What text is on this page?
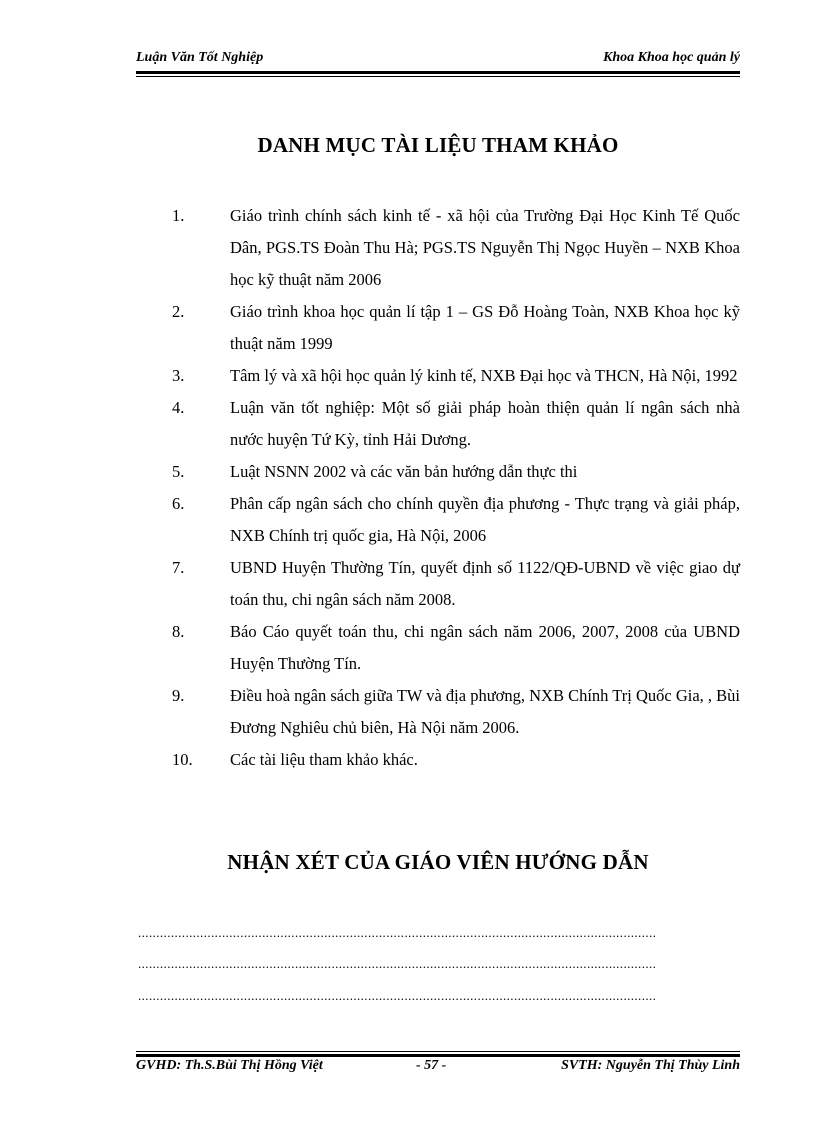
Luận Văn Tốt Nghiệp	Khoa Khoa học quản lý
DANH MỤC TÀI LIỆU THAM KHẢO
1.	Giáo trình chính sách kinh tế - xã hội của Trường Đại Học Kinh Tế Quốc Dân, PGS.TS Đoàn Thu Hà; PGS.TS Nguyễn Thị Ngọc Huyền – NXB Khoa học kỹ thuật năm 2006
2.	Giáo trình khoa học quản lí tập 1 – GS Đỗ Hoàng Toàn, NXB Khoa học kỹ thuật năm 1999
3.	Tâm lý và xã hội học quản lý kinh tế, NXB Đại học và THCN, Hà Nội, 1992
4.	Luận văn tốt nghiệp: Một số giải pháp hoàn thiện quản lí ngân sách nhà nước huyện Tứ Kỳ, tỉnh Hải Dương.
5.	Luật NSNN 2002 và các văn bản hướng dẫn thực thi
6.	Phân cấp ngân sách cho chính quyền địa phương - Thực trạng và giải pháp, NXB Chính trị quốc gia, Hà Nội, 2006
7.	UBND Huyện Thường Tín, quyết định số 1122/QĐ-UBND về việc giao dự toán thu, chi ngân sách năm 2008.
8.	Báo Cáo quyết toán thu, chi ngân sách năm 2006, 2007, 2008 của UBND Huyện Thường Tín.
9.	Điều hoà ngân sách giữa TW và địa phương, NXB Chính Trị Quốc Gia, , Bùi Đương Nghiêu chủ biên, Hà Nội năm 2006.
10. Các tài liệu tham khảo khác.
NHẬN XÉT CỦA GIÁO VIÊN HƯỚNG DẪN
..............................................................................................................................................
..............................................................................................................................................
..............................................................................................................................................
GVHD: Th.S.Bùi Thị Hồng Việt	- 57 -	SVTH: Nguyễn Thị Thùy Linh
